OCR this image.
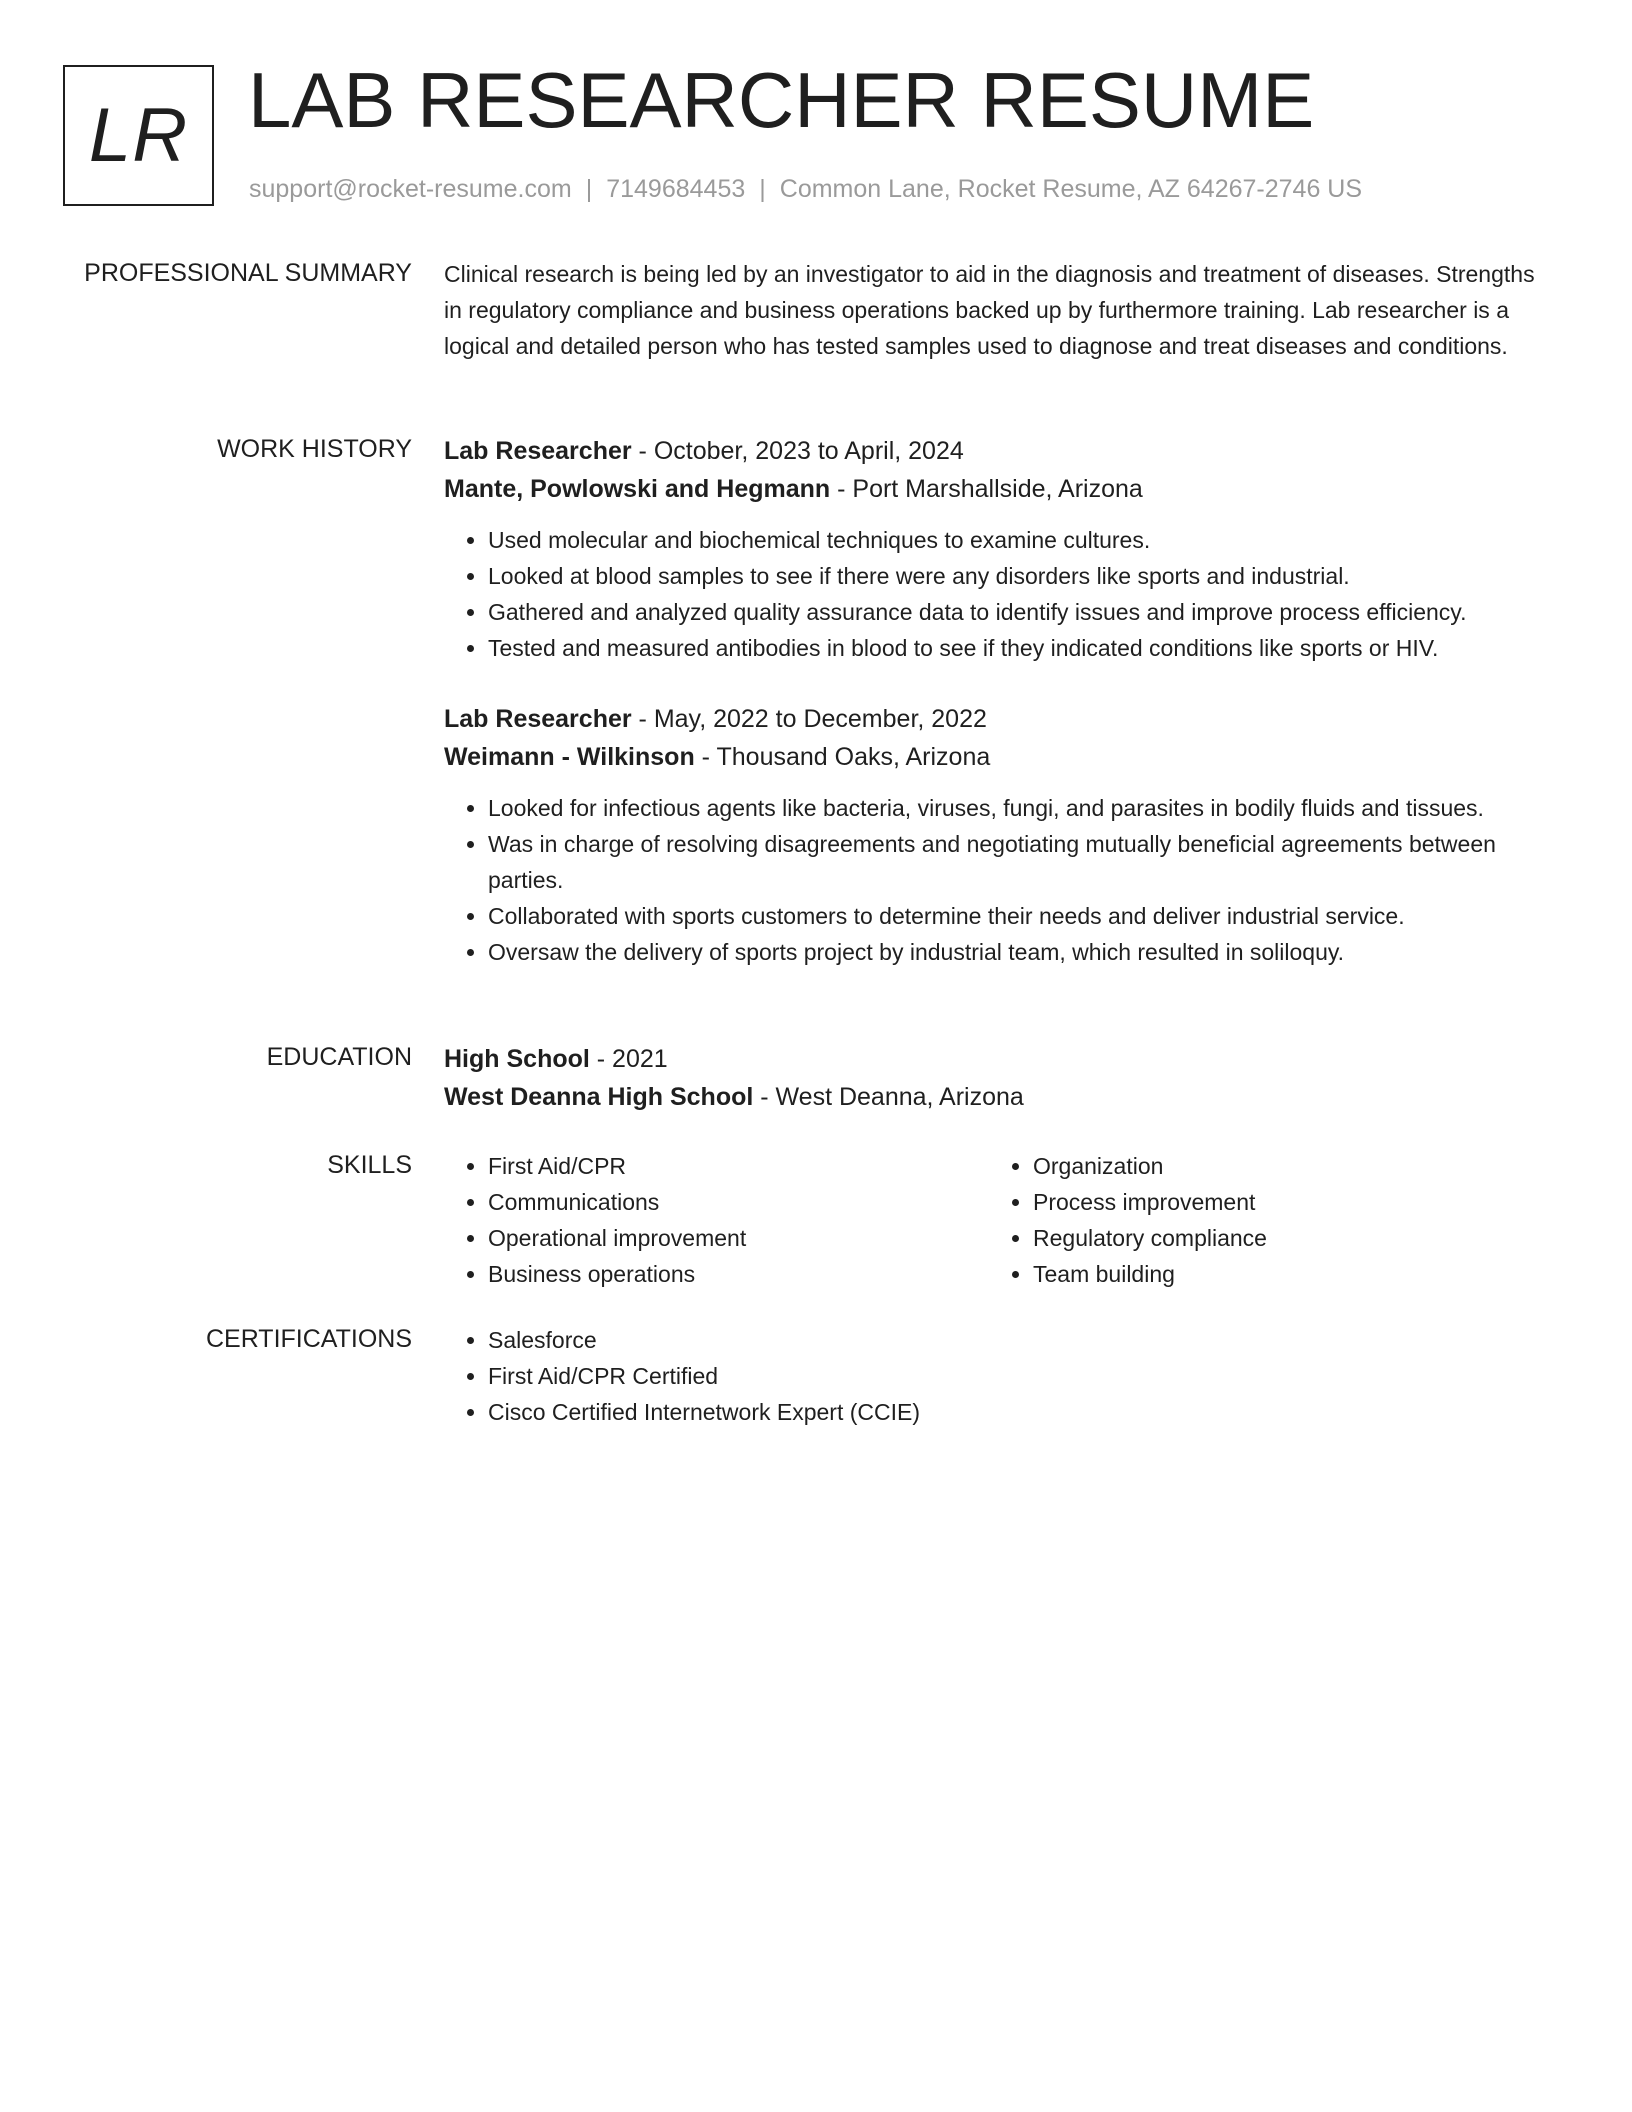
LR LAB RESEARCHER RESUME
support@rocket-resume.com | 7149684453 | Common Lane, Rocket Resume, AZ 64267-2746 US
PROFESSIONAL SUMMARY Clinical research is being led by an investigator to aid in the diagnosis and treatment of diseases. Strengths in regulatory compliance and business operations backed up by furthermore training. Lab researcher is a logical and detailed person who has tested samples used to diagnose and treat diseases and conditions.

WORK HISTORY Lab Researcher - October, 2023 to April, 2024
Mante, Powlowski and Hegmann - Port Marshallside, Arizona
• Used molecular and biochemical techniques to examine cultures.
• Looked at blood samples to see if there were any disorders like sports and industrial.
• Gathered and analyzed quality assurance data to identify issues and improve process efficiency.
• Tested and measured antibodies in blood to see if they indicated conditions like sports or HIV.
Lab Researcher - May, 2022 to December, 2022
Weimann - Wilkinson - Thousand Oaks, Arizona
• Looked for infectious agents like bacteria, viruses, fungi, and parasites in bodily fluids and tissues.
• Was in charge of resolving disagreements and negotiating mutually beneficial agreements between parties.
• Collaborated with sports customers to determine their needs and deliver industrial service.
• Oversaw the delivery of sports project by industrial team, which resulted in soliloquy.
EDUCATION High School - 2021
West Deanna High School - West Deanna, Arizona
SKILLS	• First Aid/CPR
• Communications
• Operational improvement
• Business operations
• Organization
• Process improvement
• Regulatory compliance
• Team building
CERTIFICATIONS	• Salesforce
• First Aid/CPR Certified
• Cisco Certified Internetwork Expert (CCIE)
